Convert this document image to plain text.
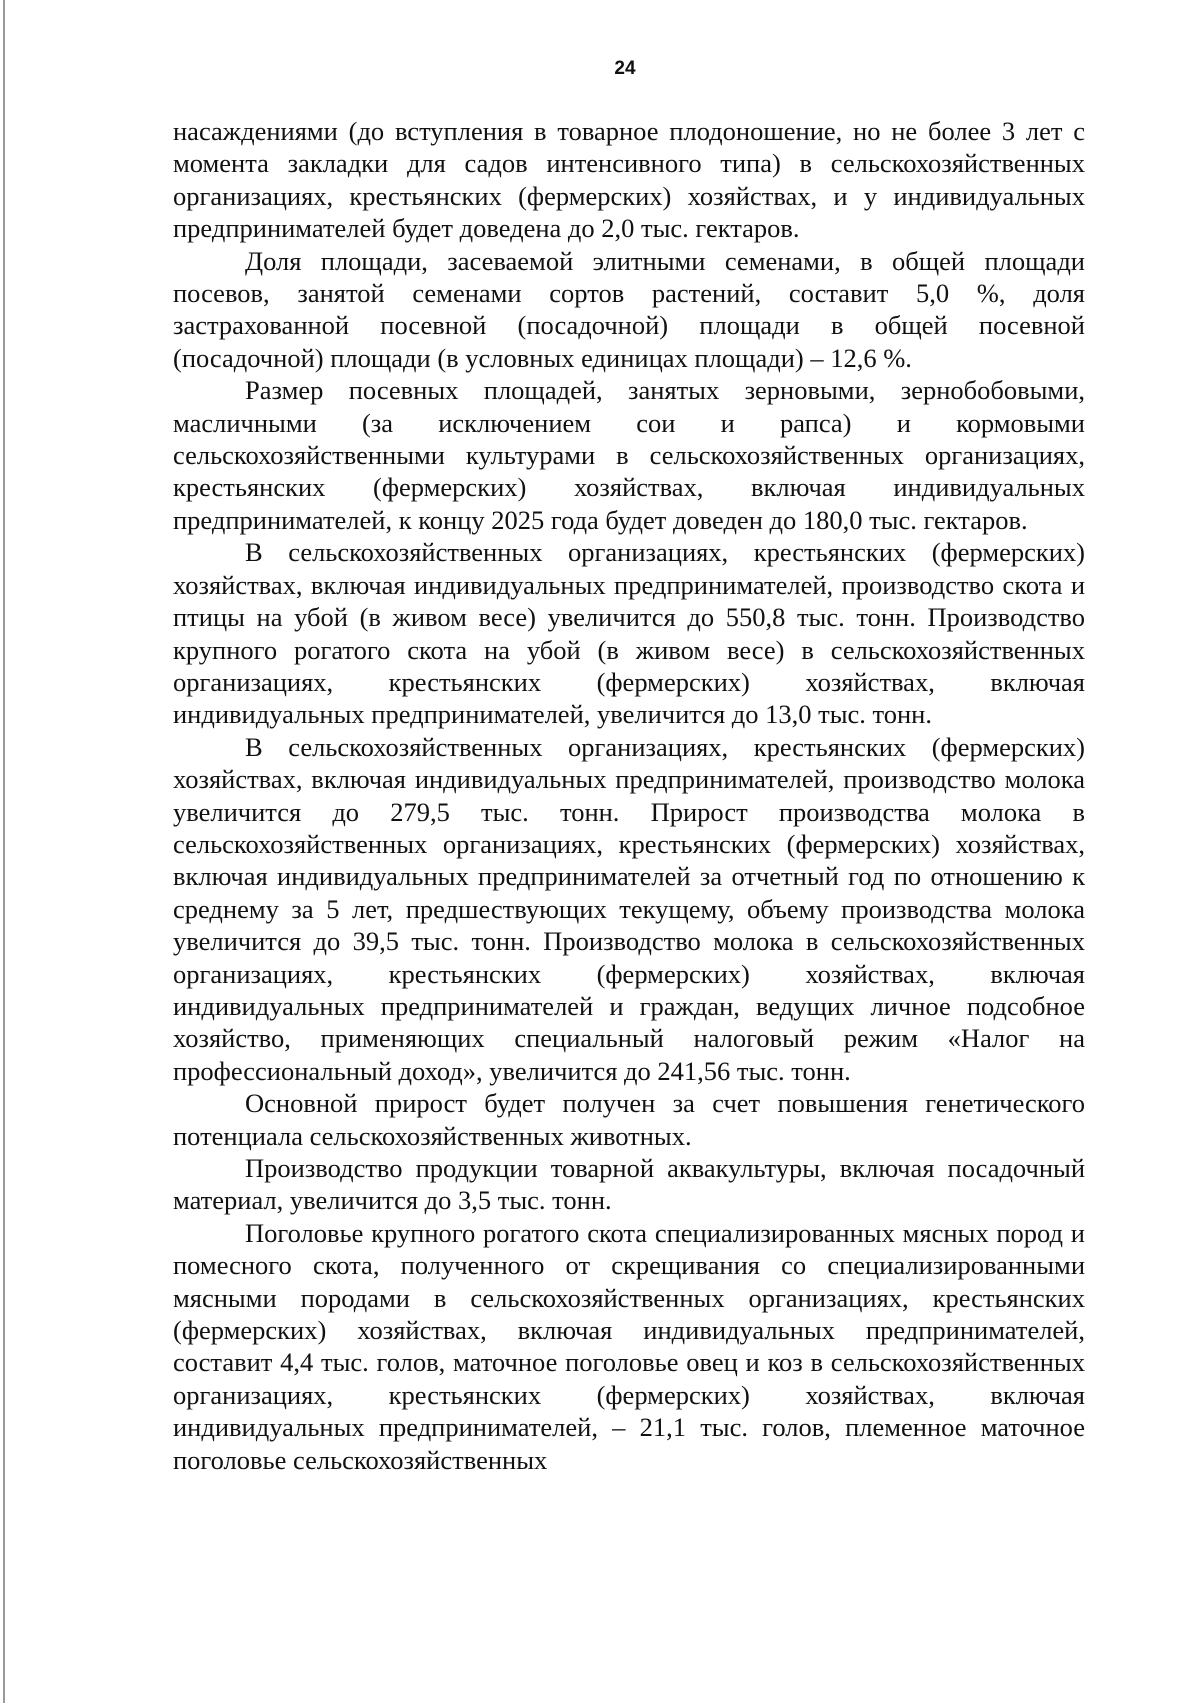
24

насаждениями (до вступления в товарное плодоношение, но не более 3 лет с момента закладки для садов интенсивного типа) в сельскохозяйственных организациях, крестьянских (фермерских) хозяйствах, и у индивидуальных предпринимателей будет доведена до 2,0 тыс. гектаров.

Доля площади, засеваемой элитными семенами, в общей площади посевов, занятой семенами сортов растений, составит 5,0 %, доля застрахованной посевной (посадочной) площади в общей посевной (посадочной) площади (в условных единицах площади) – 12,6 %.

Размер посевных площадей, занятых зерновыми, зернобобовыми, масличными (за исключением сои и рапса) и кормовыми сельскохозяйственными культурами в сельскохозяйственных организациях, крестьянских (фермерских) хозяйствах, включая индивидуальных предпринимателей, к концу 2025 года будет доведен до 180,0 тыс. гектаров.

В сельскохозяйственных организациях, крестьянских (фермерских) хозяйствах, включая индивидуальных предпринимателей, производство скота и птицы на убой (в живом весе) увеличится до 550,8 тыс. тонн. Производство крупного рогатого скота на убой (в живом весе) в сельскохозяйственных организациях, крестьянских (фермерских) хозяйствах, включая индивидуальных предпринимателей, увеличится до 13,0 тыс. тонн.

В сельскохозяйственных организациях, крестьянских (фермерских) хозяйствах, включая индивидуальных предпринимателей, производство молока увеличится до 279,5 тыс. тонн. Прирост производства молока в сельскохозяйственных организациях, крестьянских (фермерских) хозяйствах, включая индивидуальных предпринимателей за отчетный год по отношению к среднему за 5 лет, предшествующих текущему, объему производства молока увеличится до 39,5 тыс. тонн. Производство молока в сельскохозяйственных организациях, крестьянских (фермерских) хозяйствах, включая индивидуальных предпринимателей и граждан, ведущих личное подсобное хозяйство, применяющих специальный налоговый режим «Налог на профессиональный доход», увеличится до 241,56 тыс. тонн.

Основной прирост будет получен за счет повышения генетического потенциала сельскохозяйственных животных.

Производство продукции товарной аквакультуры, включая посадочный материал, увеличится до 3,5 тыс. тонн.

Поголовье крупного рогатого скота специализированных мясных пород и помесного скота, полученного от скрещивания со специализированными мясными породами в сельскохозяйственных организациях, крестьянских (фермерских) хозяйствах, включая индивидуальных предпринимателей, составит 4,4 тыс. голов, маточное поголовье овец и коз в сельскохозяйственных организациях, крестьянских (фермерских) хозяйствах, включая индивидуальных предпринимателей, – 21,1 тыс. голов, племенное маточное поголовье сельскохозяйственных
